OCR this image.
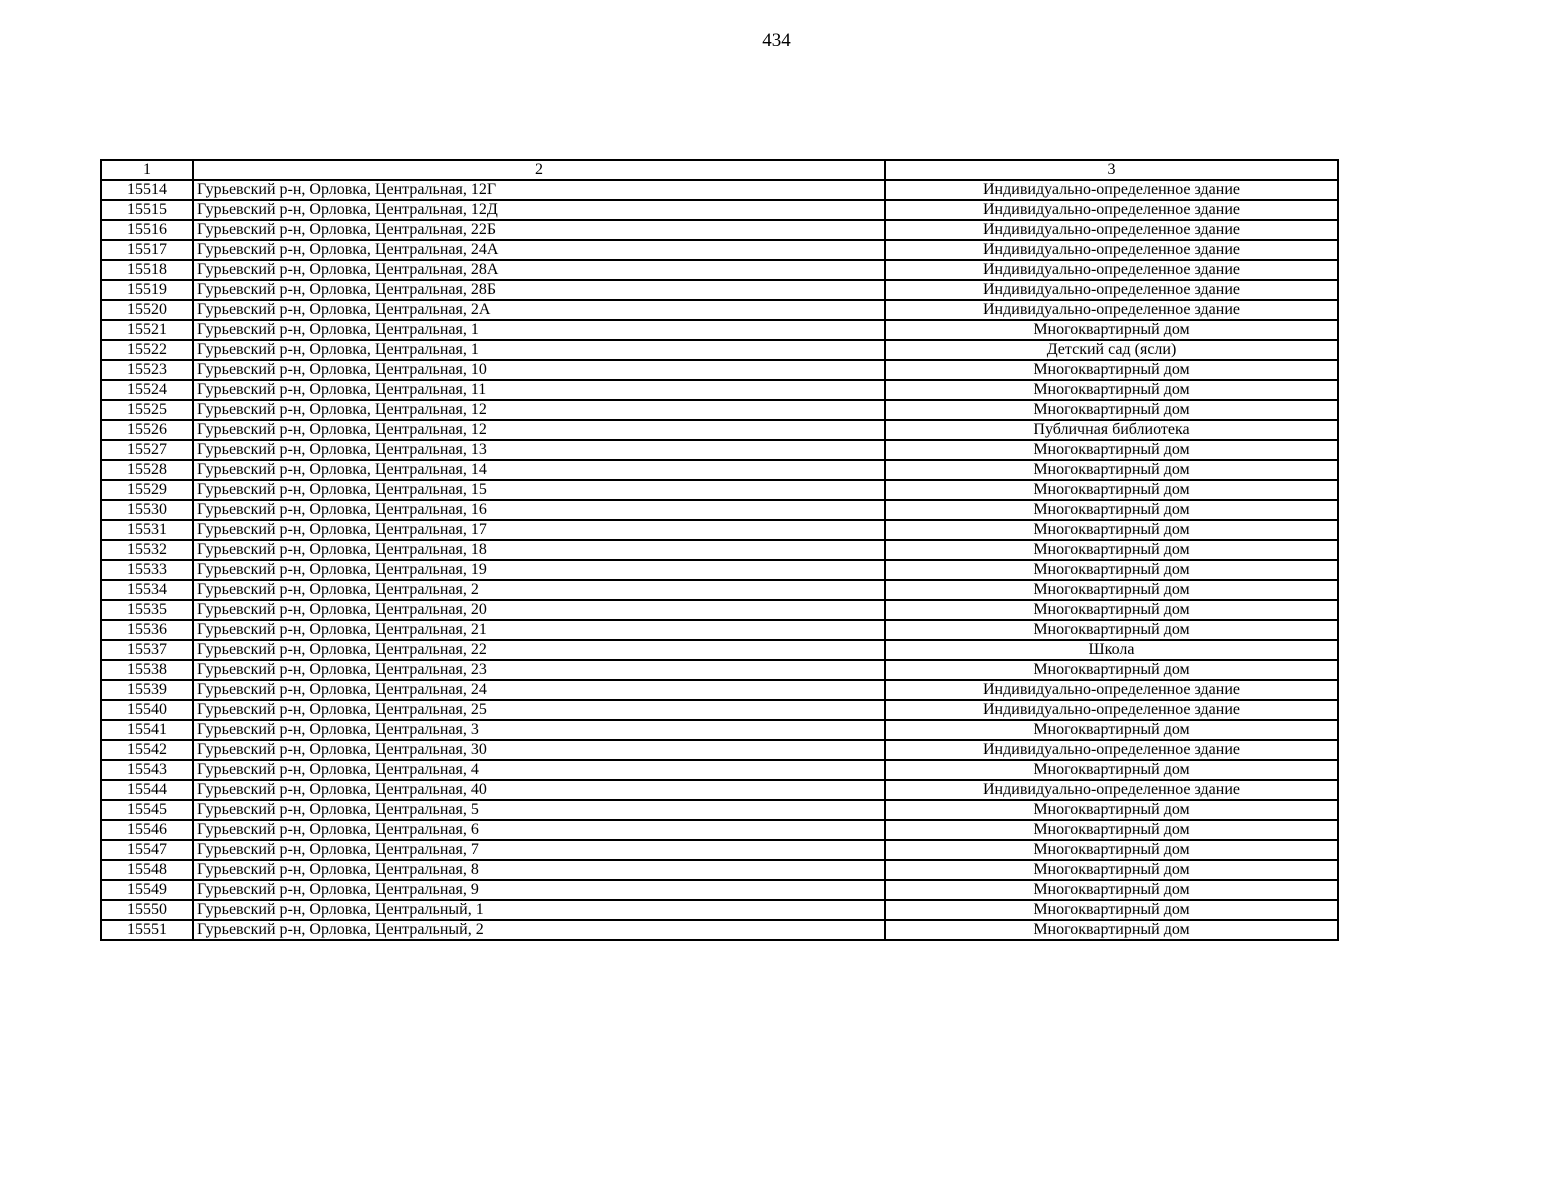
434
1	2	3
15514	Гурьевский р-н, Орловка, Центральная, 12Г	Индивидуально-определенное здание
15515	Гурьевский р-н, Орловка, Центральная, 12Д	Индивидуально-определенное здание
15516	Гурьевский р-н, Орловка, Центральная, 22Б	Индивидуально-определенное здание
15517	Гурьевский р-н, Орловка, Центральная, 24А	Индивидуально-определенное здание
15518	Гурьевский р-н, Орловка, Центральная, 28А	Индивидуально-определенное здание
15519	Гурьевский р-н, Орловка, Центральная, 28Б	Индивидуально-определенное здание
15520	Гурьевский р-н, Орловка, Центральная, 2А	Индивидуально-определенное здание
15521	Гурьевский р-н, Орловка, Центральная, 1	Многоквартирный дом
15522	Гурьевский р-н, Орловка, Центральная, 1	Детский сад (ясли)
15523	Гурьевский р-н, Орловка, Центральная, 10	Многоквартирный дом
15524	Гурьевский р-н, Орловка, Центральная, 11	Многоквартирный дом
15525	Гурьевский р-н, Орловка, Центральная, 12	Многоквартирный дом
15526	Гурьевский р-н, Орловка, Центральная, 12	Публичная библиотека
15527	Гурьевский р-н, Орловка, Центральная, 13	Многоквартирный дом
15528	Гурьевский р-н, Орловка, Центральная, 14	Многоквартирный дом
15529	Гурьевский р-н, Орловка, Центральная, 15	Многоквартирный дом
15530	Гурьевский р-н, Орловка, Центральная, 16	Многоквартирный дом
15531	Гурьевский р-н, Орловка, Центральная, 17	Многоквартирный дом
15532	Гурьевский р-н, Орловка, Центральная, 18	Многоквартирный дом
15533	Гурьевский р-н, Орловка, Центральная, 19	Многоквартирный дом
15534	Гурьевский р-н, Орловка, Центральная, 2	Многоквартирный дом
15535	Гурьевский р-н, Орловка, Центральная, 20	Многоквартирный дом
15536	Гурьевский р-н, Орловка, Центральная, 21	Многоквартирный дом
15537	Гурьевский р-н, Орловка, Центральная, 22	Школа
15538	Гурьевский р-н, Орловка, Центральная, 23	Многоквартирный дом
15539	Гурьевский р-н, Орловка, Центральная, 24	Индивидуально-определенное здание
15540	Гурьевский р-н, Орловка, Центральная, 25	Индивидуально-определенное здание
15541	Гурьевский р-н, Орловка, Центральная, 3	Многоквартирный дом
15542	Гурьевский р-н, Орловка, Центральная, 30	Индивидуально-определенное здание
15543	Гурьевский р-н, Орловка, Центральная, 4	Многоквартирный дом
15544	Гурьевский р-н, Орловка, Центральная, 40	Индивидуально-определенное здание
15545	Гурьевский р-н, Орловка, Центральная, 5	Многоквартирный дом
15546	Гурьевский р-н, Орловка, Центральная, 6	Многоквартирный дом
15547	Гурьевский р-н, Орловка, Центральная, 7	Многоквартирный дом
15548	Гурьевский р-н, Орловка, Центральная, 8	Многоквартирный дом
15549	Гурьевский р-н, Орловка, Центральная, 9	Многоквартирный дом
15550	Гурьевский р-н, Орловка, Центральный, 1	Многоквартирный дом
15551	Гурьевский р-н, Орловка, Центральный, 2	Многоквартирный дом
